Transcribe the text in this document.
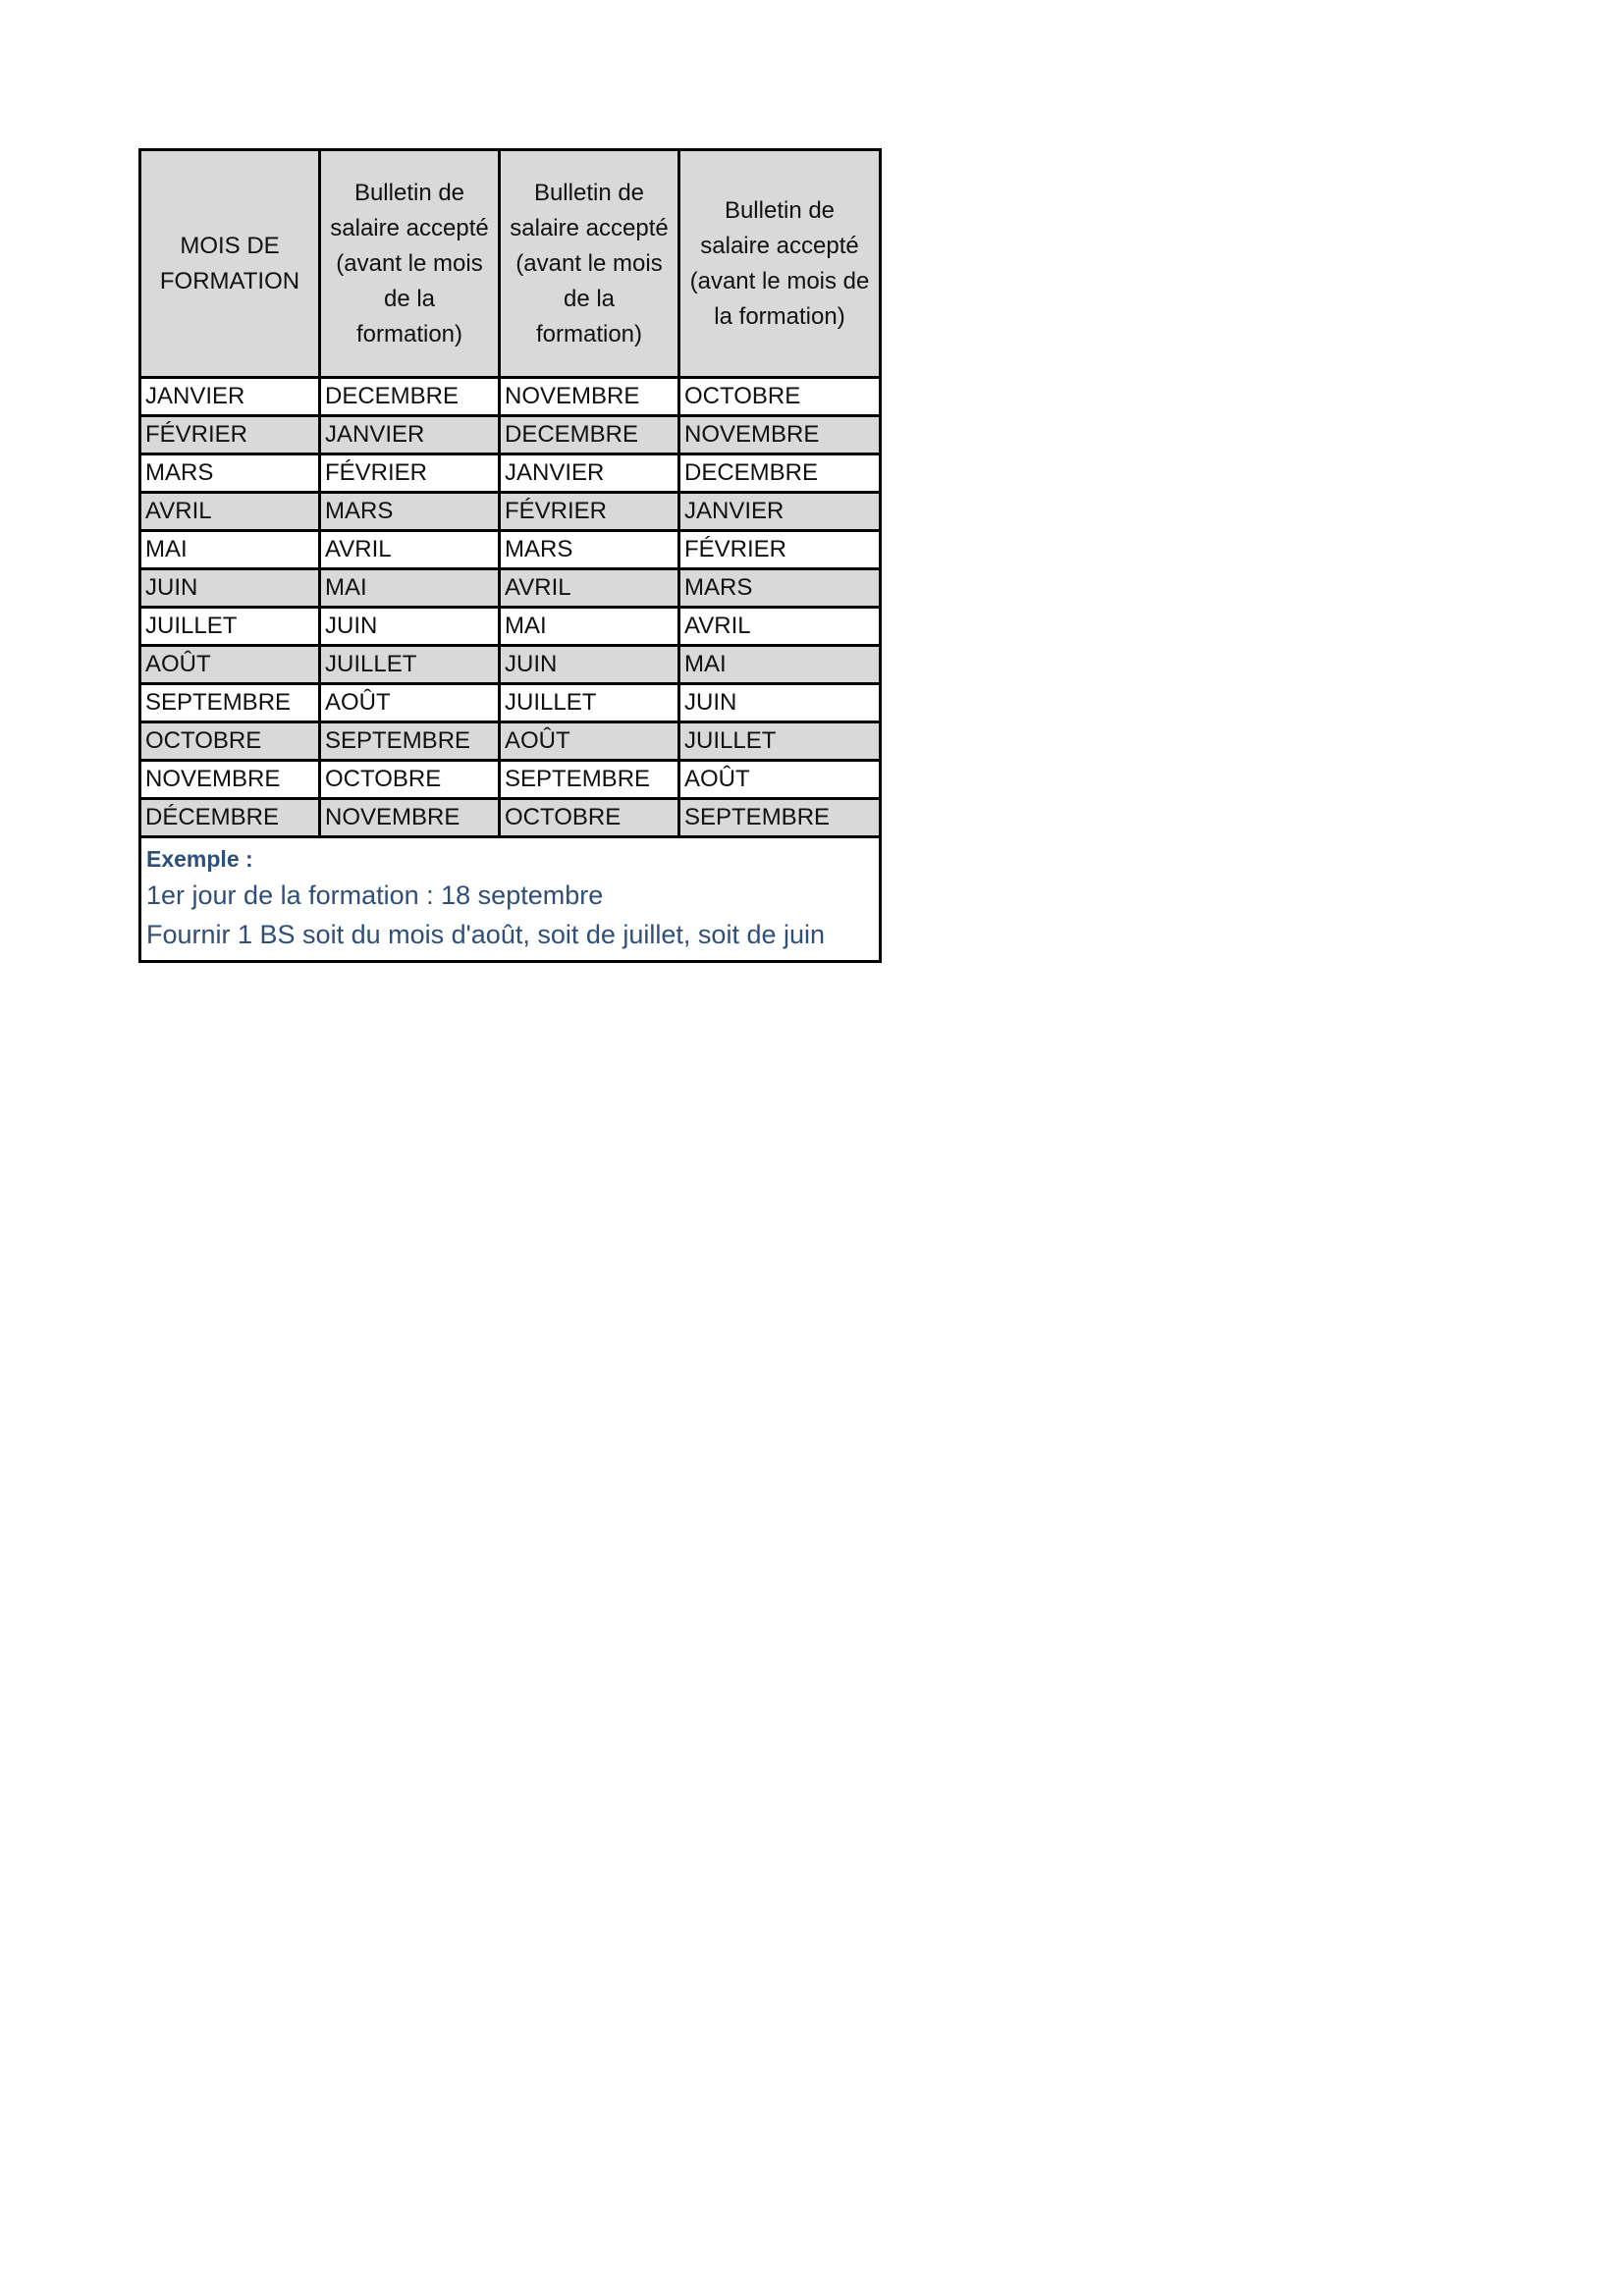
MOIS DE
FORMATION	Bulletin de
salaire accepté
(avant le mois
de la
formation)	Bulletin de
salaire accepté
(avant le mois
de la
formation)	Bulletin de
salaire accepté
(avant le mois de
la formation)

JANVIER	DECEMBRE	NOVEMBRE	OCTOBRE
FÉVRIER	JANVIER	DECEMBRE	NOVEMBRE
MARS	FÉVRIER	JANVIER	DECEMBRE
AVRIL	MARS	FÉVRIER	JANVIER
MAI	AVRIL	MARS	FÉVRIER
JUIN	MAI	AVRIL	MARS
JUILLET	JUIN	MAI	AVRIL
AOÛT	JUILLET	JUIN	MAI
SEPTEMBRE	AOÛT	JUILLET	JUIN
OCTOBRE	SEPTEMBRE	AOÛT	JUILLET
NOVEMBRE	OCTOBRE	SEPTEMBRE	AOÛT
DÉCEMBRE	NOVEMBRE	OCTOBRE	SEPTEMBRE

Exemple :
1er jour de la formation : 18 septembre
Fournir 1 BS soit du mois d'août, soit de juillet, soit de juin			
